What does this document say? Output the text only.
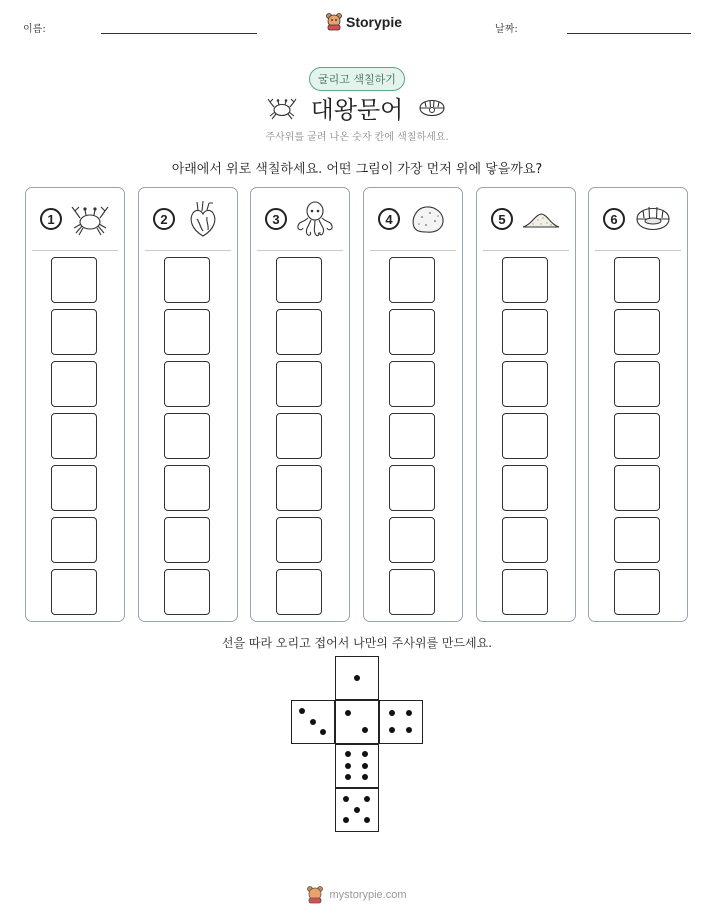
이름:	Storypie	날짜:
굴리고 색칠하기
대왕문어
주사위를 굴려 나온 숫자 칸에 색칠하세요.
아래에서 위로 색칠하세요. 어떤 그림이 가장 먼저 위에 닿을까요?
1	2	3	4	5	6
선을 따라 오리고 접어서 나만의 주사위를 만드세요.
mystorypie.com
